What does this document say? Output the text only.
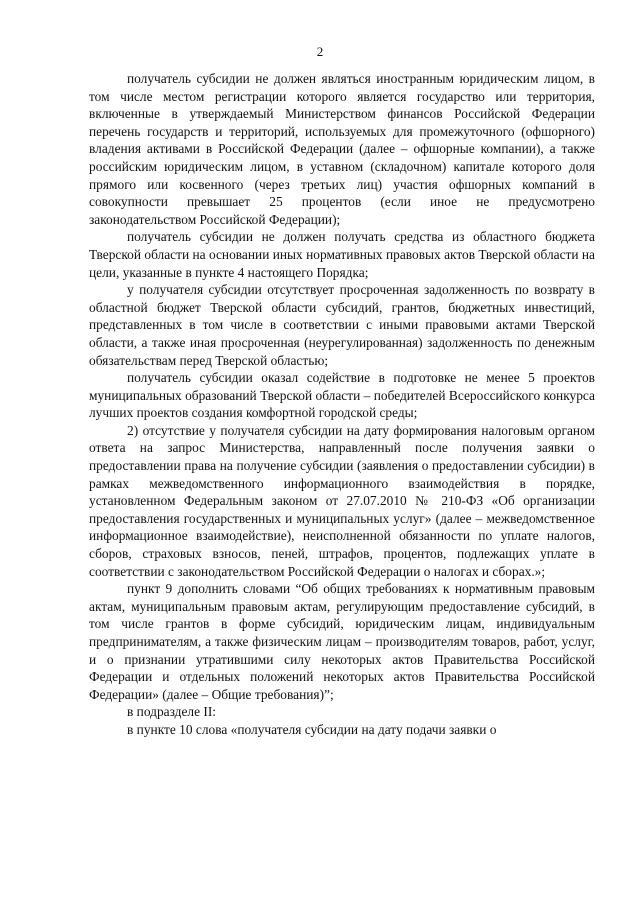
2

получатель субсидии не должен являться иностранным юридическим лицом, в том числе местом регистрации которого является государство или территория, включенные в утверждаемый Министерством финансов Российской Федерации перечень государств и территорий, используемых для промежуточного (офшорного) владения активами в Российской Федерации (далее – офшорные компании), а также российским юридическим лицом, в уставном (складочном) капитале которого доля прямого или косвенного (через третьих лиц) участия офшорных компаний в совокупности превышает 25 процентов (если иное не предусмотрено законодательством Российской Федерации);

получатель субсидии не должен получать средства из областного бюджета Тверской области на основании иных нормативных правовых актов Тверской области на цели, указанные в пункте 4 настоящего Порядка;

у получателя субсидии отсутствует просроченная задолженность по возврату в областной бюджет Тверской области субсидий, грантов, бюджетных инвестиций, представленных в том числе в соответствии с иными правовыми актами Тверской области, а также иная просроченная (неурегулированная) задолженность по денежным обязательствам перед Тверской областью;

получатель субсидии оказал содействие в подготовке не менее 5 проектов муниципальных образований Тверской области – победителей Всероссийского конкурса лучших проектов создания комфортной городской среды;

2) отсутствие у получателя субсидии на дату формирования налоговым органом ответа на запрос Министерства, направленный после получения заявки о предоставлении права на получение субсидии (заявления о предоставлении субсидии) в рамках межведомственного информационного взаимодействия в порядке, установленном Федеральным законом от 27.07.2010 № 210-ФЗ «Об организации предоставления государственных и муниципальных услуг» (далее – межведомственное информационное взаимодействие), неисполненной обязанности по уплате налогов, сборов, страховых взносов, пеней, штрафов, процентов, подлежащих уплате в соответствии с законодательством Российской Федерации о налогах и сборах.»;

пункт 9 дополнить словами “Об общих требованиях к нормативным правовым актам, муниципальным правовым актам, регулирующим предоставление субсидий, в том числе грантов в форме субсидий, юридическим лицам, индивидуальным предпринимателям, а также физическим лицам – производителям товаров, работ, услуг, и о признании утратившими силу некоторых актов Правительства Российской Федерации и отдельных положений некоторых актов Правительства Российской Федерации» (далее – Общие требования)”;

в подразделе II:

в пункте 10 слова «получателя субсидии на дату подачи заявки о
